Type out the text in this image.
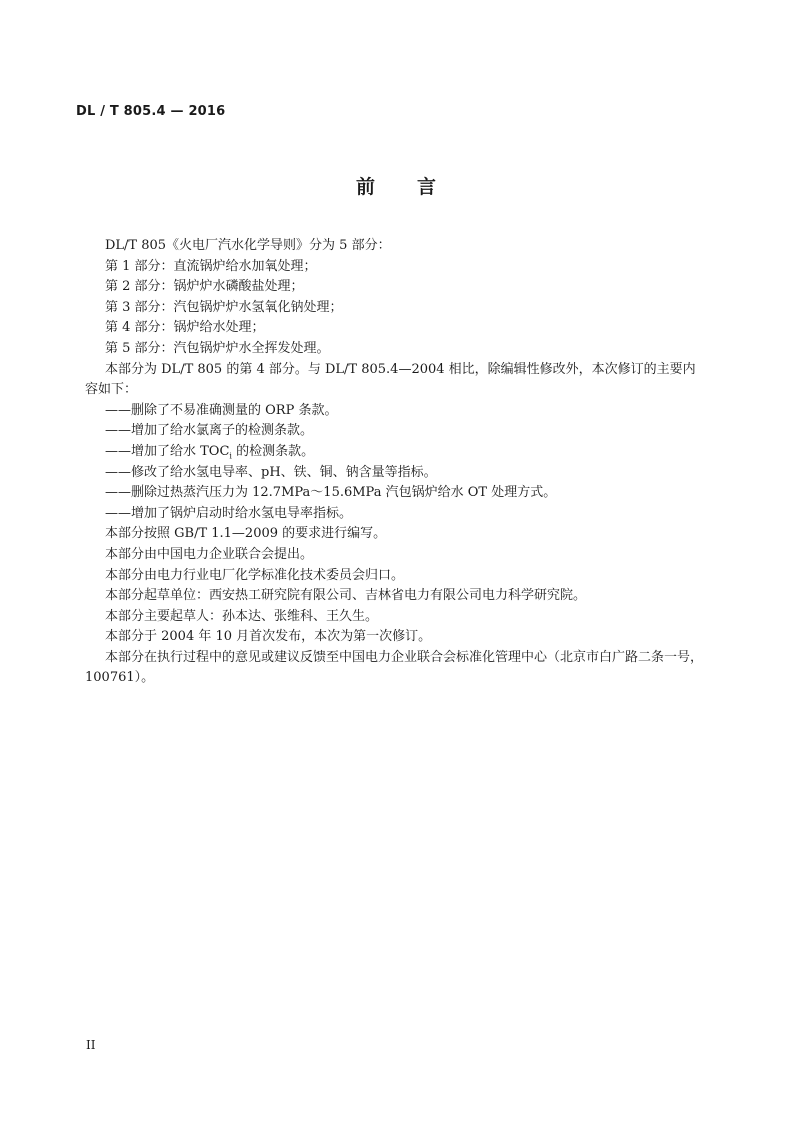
DL / T 805.4 — 2016
前 言

DL/T 805《火电厂汽水化学导则》分为 5 部分：

第 1 部分：直流锅炉给水加氧处理；

第 2 部分：锅炉炉水磷酸盐处理；

第 3 部分：汽包锅炉炉水氢氧化钠处理；

第 4 部分：锅炉给水处理；

第 5 部分：汽包锅炉炉水全挥发处理。

本部分为 DL/T 805 的第 4 部分。与 DL/T 805.4—2004 相比，除编辑性修改外，本次修订的主要内容如下：

——删除了不易准确测量的 ORP 条款。

——增加了给水氯离子的检测条款。

——增加了给水 $TOC_i$ 的检测条款。

——修改了给水氢电导率、pH、铁、铜、钠含量等指标。

——删除过热蒸汽压力为 12.7MPa～15.6MPa 汽包锅炉给水 OT 处理方式。

——增加了锅炉启动时给水氢电导率指标。

本部分按照 GB/T 1.1—2009 的要求进行编写。

本部分由中国电力企业联合会提出。

本部分由电力行业电厂化学标准化技术委员会归口。

本部分起草单位：西安热工研究院有限公司、吉林省电力有限公司电力科学研究院。

本部分主要起草人：孙本达、张维科、王久生。

本部分于 2004 年 10 月首次发布，本次为第一次修订。

本部分在执行过程中的意见或建议反馈至中国电力企业联合会标准化管理中心（北京市白广路二条一号，100761）。

II
